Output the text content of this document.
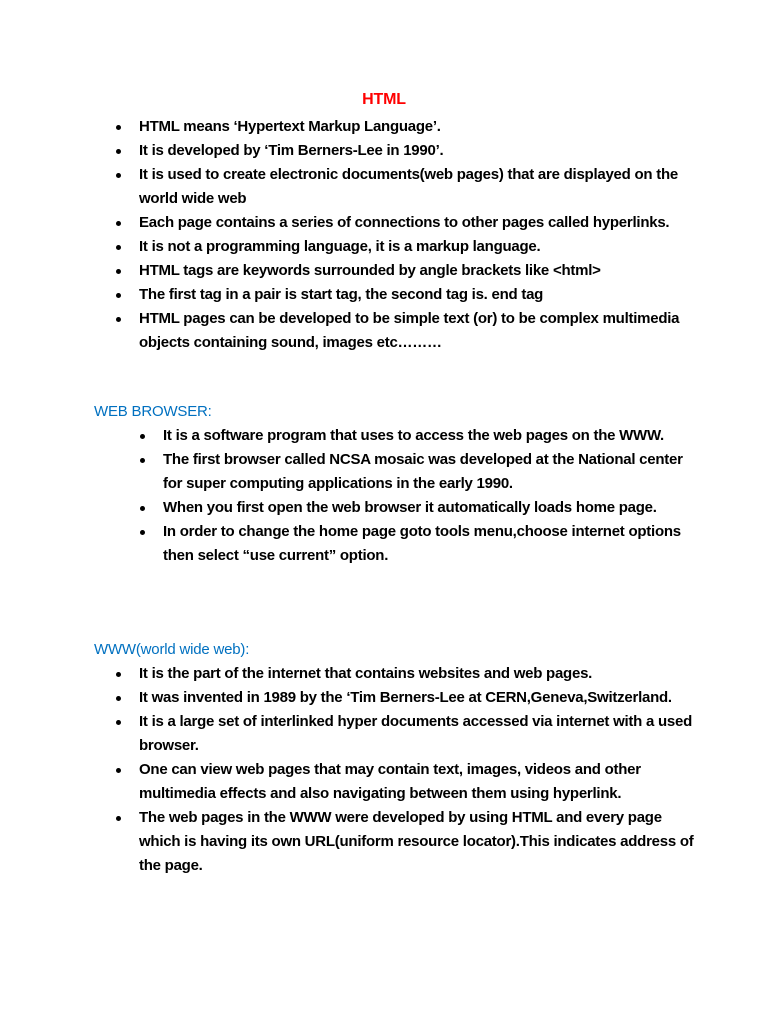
HTML
HTML means ‘Hypertext Markup Language’.
It is developed by ‘Tim Berners-Lee in 1990’.
It is used to create electronic documents(web pages) that are displayed on the world wide web
Each page contains a series of connections to other pages called hyperlinks.
It is not a programming language, it is a markup language.
HTML tags are keywords surrounded by angle brackets like <html>
The first tag in a pair is start tag, the second tag is. end tag
HTML pages can be developed to be simple text (or) to be complex multimedia objects containing sound, images etc………
WEB BROWSER:
It is a software program that uses to access the web pages on the WWW.
The first browser called NCSA mosaic was developed at the National center for super computing applications in the early 1990.
When you first open the web browser it automatically loads home page.
In order to change the home page goto tools menu,choose internet options then select “use current” option.
WWW(world wide web):
It is the part of the internet that contains websites and web pages.
It was invented in 1989 by the ‘Tim Berners-Lee at CERN,Geneva,Switzerland.
It is a large set of interlinked hyper documents accessed via internet with a used browser.
One can view web pages that may contain text, images, videos and other multimedia effects and also navigating between them using hyperlink.
The web pages in the WWW were developed by using HTML and every page which is having its own URL(uniform resource locator).This indicates address of the page.
